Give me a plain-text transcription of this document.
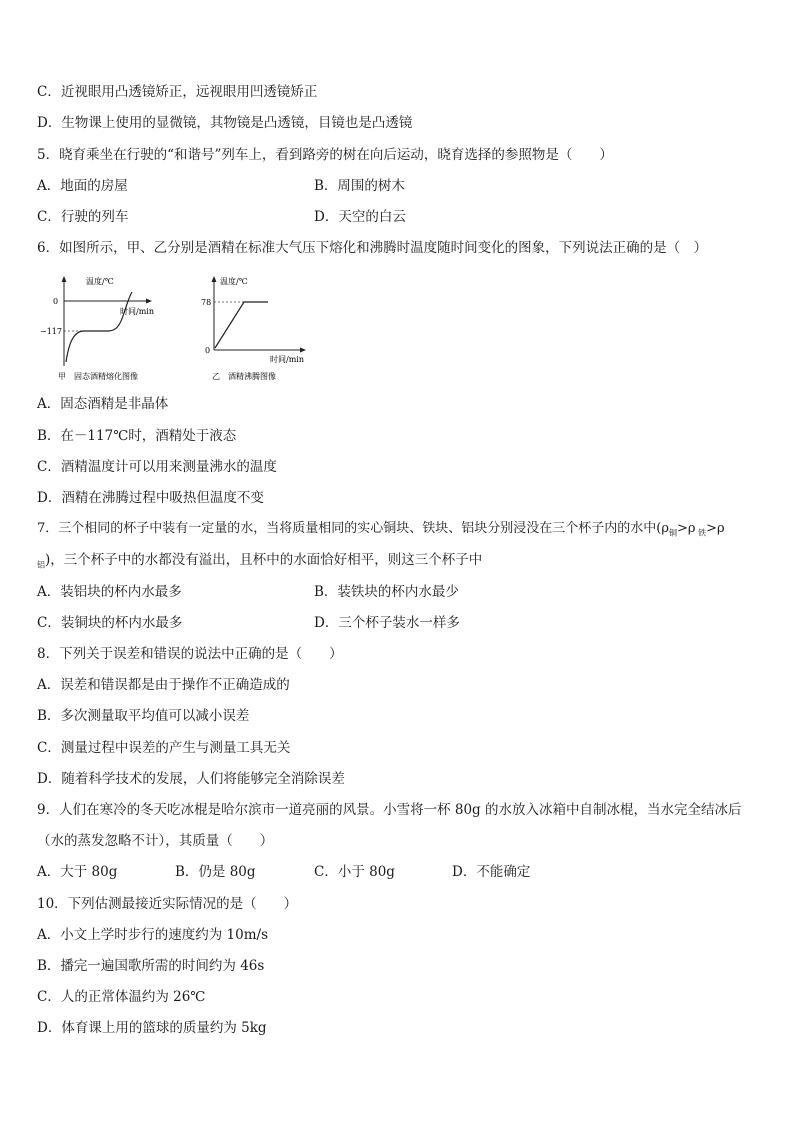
C．近视眼用凸透镜矫正，远视眼用凹透镜矫正
D．生物课上使用的显微镜，其物镜是凸透镜，目镜也是凸透镜
5．晓育乘坐在行驶的“和谐号”列车上，看到路旁的树在向后运动，晓育选择的参照物是（　　）
A．地面的房屋	B．周围的树木
C．行驶的列车	D．天空的白云
6．如图所示，甲、乙分别是酒精在标准大气压下熔化和沸腾时温度随时间变化的图象，下列说法正确的是（　）
温度/℃
时间/min
0
−117
甲　固态酒精熔化图像
温度/℃
时间/min
78
0
乙　酒精沸腾图像
A．固态酒精是非晶体
B．在－117℃时，酒精处于液态
C．酒精温度计可以用来测量沸水的温度
D．酒精在沸腾过程中吸热但温度不变
7．三个相同的杯子中装有一定量的水，当将质量相同的实心铜块、铁块、铝块分别浸没在三个杯子内的水中($\rho_铜>\rho$ $_铁$>ρ
$_铝$)，三个杯子中的水都没有溢出，且杯中的水面恰好相平，则这三个杯子中
A．装铝块的杯内水最多	B．装铁块的杯内水最少
C．装铜块的杯内水最多	D．三个杯子装水一样多
8．下列关于误差和错误的说法中正确的是（　　）
A．误差和错误都是由于操作不正确造成的
B．多次测量取平均值可以减小误差
C．测量过程中误差的产生与测量工具无关
D．随着科学技术的发展，人们将能够完全消除误差
9．人们在寒冷的冬天吃冰棍是哈尔滨市一道亮丽的风景。小雪将一杯 80g 的水放入冰箱中自制冰棍，当水完全结冰后
（水的蒸发忽略不计），其质量（　　）
A．大于 80g	B．仍是 80g	C．小于 80g	D．不能确定
10．下列估测最接近实际情况的是（　　）
A．小文上学时步行的速度约为 10m/s
B．播完一遍国歌所需的时间约为 46s
C．人的正常体温约为 26℃
D．体育课上用的篮球的质量约为 5kg
